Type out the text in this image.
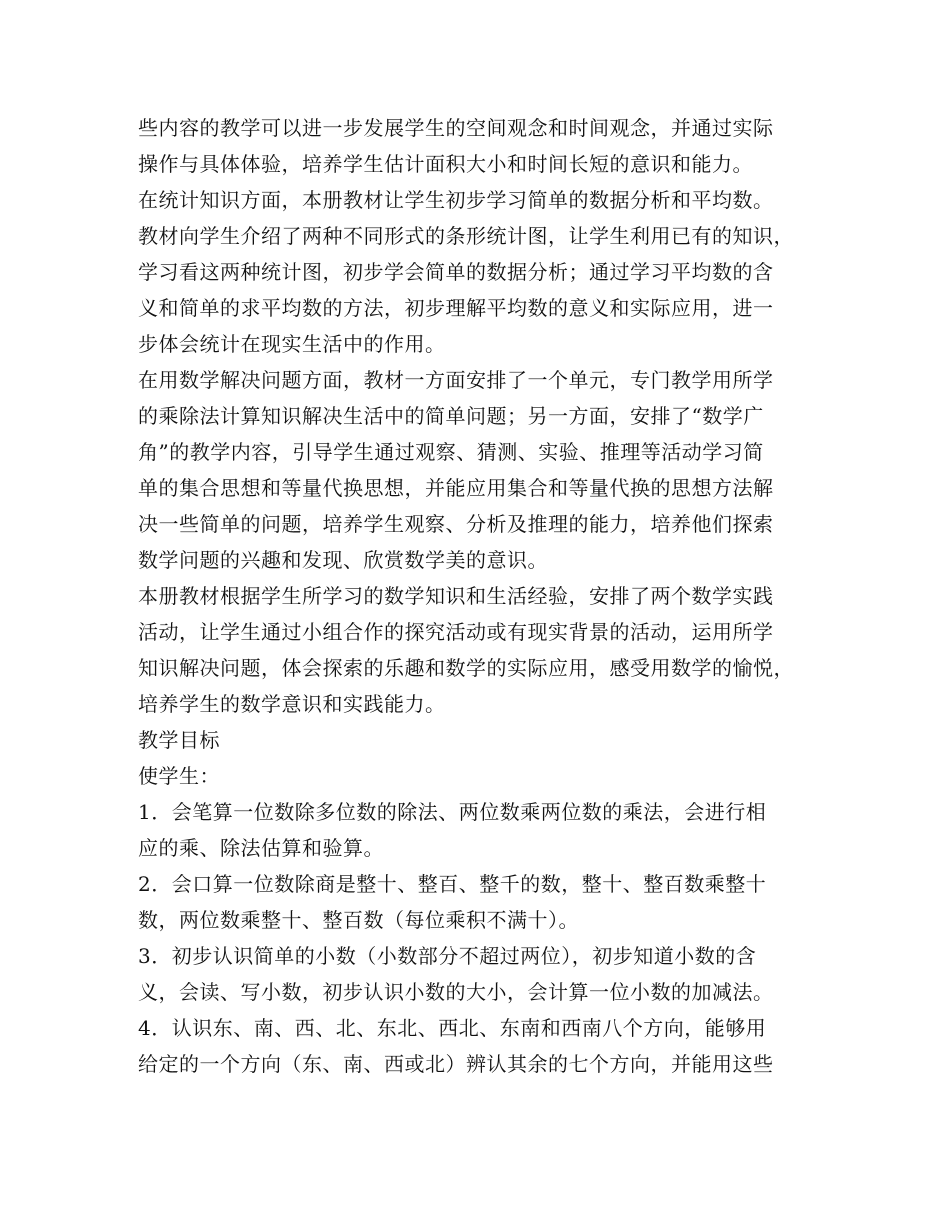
些内容的教学可以进一步发展学生的空间观念和时间观念，并通过实际
操作与具体体验，培养学生估计面积大小和时间长短的意识和能力。
在统计知识方面，本册教材让学生初步学习简单的数据分析和平均数。
教材向学生介绍了两种不同形式的条形统计图，让学生利用已有的知识，
学习看这两种统计图，初步学会简单的数据分析；通过学习平均数的含
义和简单的求平均数的方法，初步理解平均数的意义和实际应用，进一
步体会统计在现实生活中的作用。
在用数学解决问题方面，教材一方面安排了一个单元，专门教学用所学
的乘除法计算知识解决生活中的简单问题；另一方面，安排了“数学广
角”的教学内容，引导学生通过观察、猜测、实验、推理等活动学习简
单的集合思想和等量代换思想，并能应用集合和等量代换的思想方法解
决一些简单的问题，培养学生观察、分析及推理的能力，培养他们探索
数学问题的兴趣和发现、欣赏数学美的意识。
本册教材根据学生所学习的数学知识和生活经验，安排了两个数学实践
活动，让学生通过小组合作的探究活动或有现实背景的活动，运用所学
知识解决问题，体会探索的乐趣和数学的实际应用，感受用数学的愉悦，
培养学生的数学意识和实践能力。
教学目标
使学生：
1．会笔算一位数除多位数的除法、两位数乘两位数的乘法，会进行相
应的乘、除法估算和验算。
2．会口算一位数除商是整十、整百、整千的数，整十、整百数乘整十
数，两位数乘整十、整百数（每位乘积不满十）。
3．初步认识简单的小数（小数部分不超过两位），初步知道小数的含
义，会读、写小数，初步认识小数的大小，会计算一位小数的加减法。
4．认识东、南、西、北、东北、西北、东南和西南八个方向，能够用
给定的一个方向（东、南、西或北）辨认其余的七个方向，并能用这些
